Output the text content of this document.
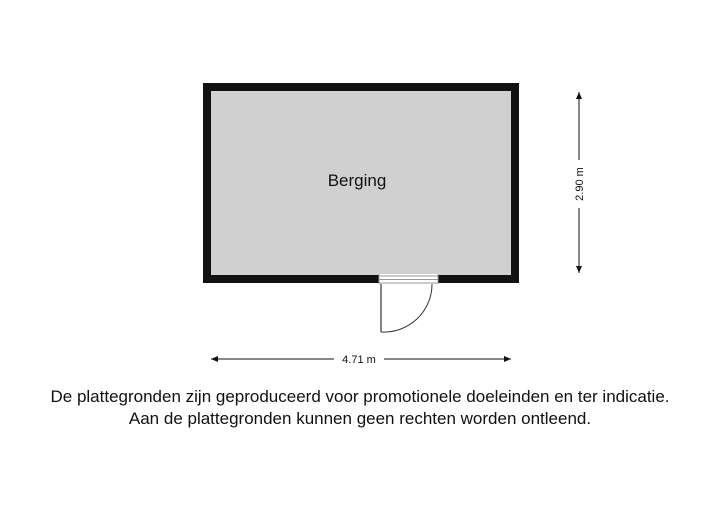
Berging	2.90 m
4.71 m
De plattegronden zijn geproduceerd voor promotionele doeleinden en ter indicatie.
Aan de plattegronden kunnen geen rechten worden ontleend.
